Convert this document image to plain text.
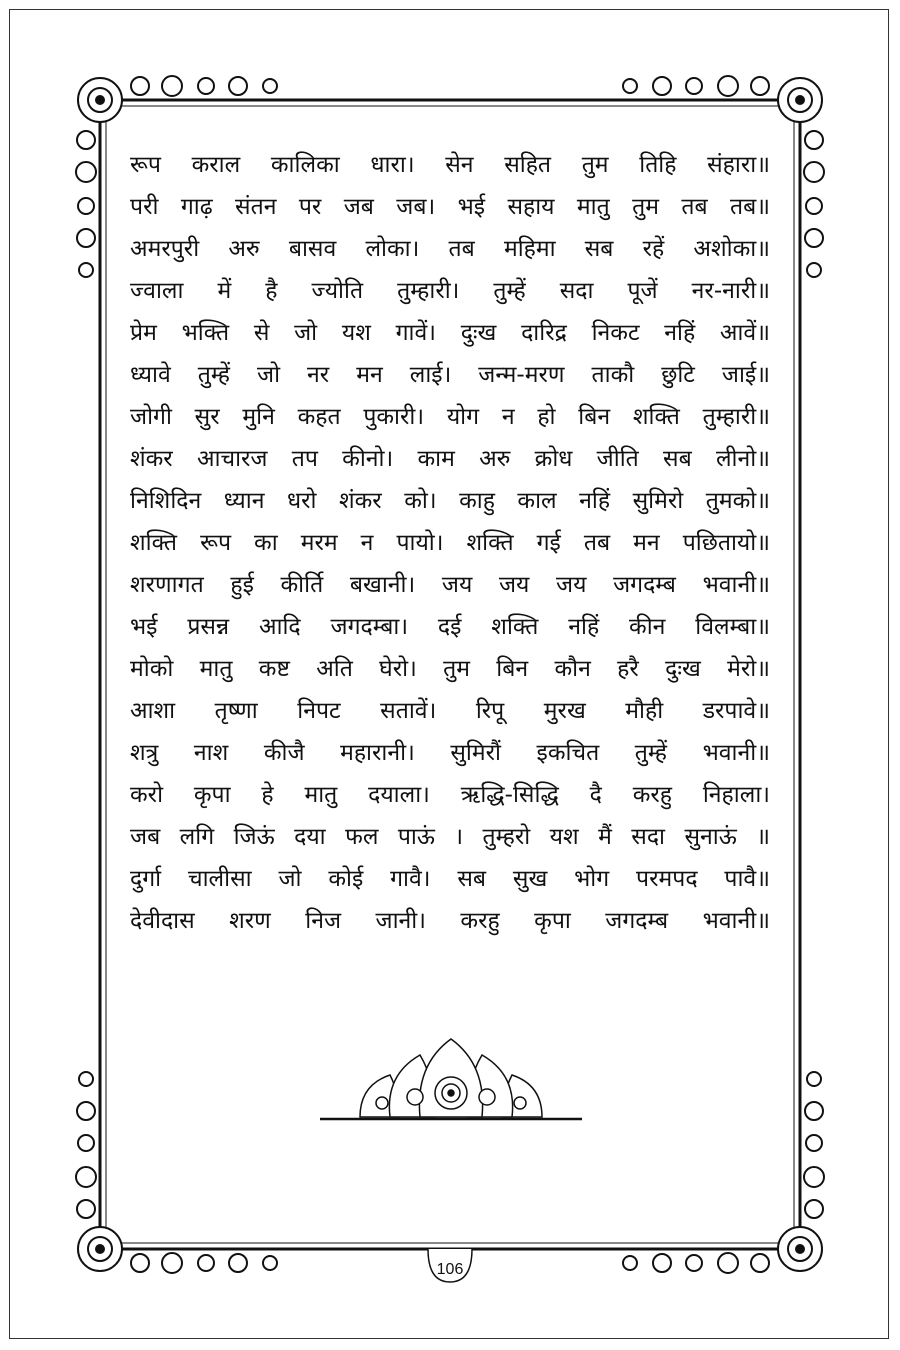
रूप कराल कालिका धारा। सेन सहित तुम तिहि संहारा॥
परी गाढ़ संतन पर जब जब। भई सहाय मातु तुम तब तब॥
अमरपुरी अरु बासव लोका। तब महिमा सब रहें अशोका॥
ज्वाला में है ज्योति तुम्हारी। तुम्हें सदा पूजें नर-नारी॥
प्रेम भक्ति से जो यश गावें। दुःख दारिद्र निकट नहिं आवें॥
ध्यावे तुम्हें जो नर मन लाई। जन्म-मरण ताकौ छुटि जाई॥
जोगी सुर मुनि कहत पुकारी। योग न हो बिन शक्ति तुम्हारी॥
शंकर आचारज तप कीनो। काम अरु क्रोध जीति सब लीनो॥
निशिदिन ध्यान धरो शंकर को। काहु काल नहिं सुमिरो तुमको॥
शक्ति रूप का मरम न पायो। शक्ति गई तब मन पछितायो॥
शरणागत हुई कीर्ति बखानी। जय जय जय जगदम्ब भवानी॥
भई प्रसन्न आदि जगदम्बा। दई शक्ति नहिं कीन विलम्बा॥
मोको मातु कष्ट अति घेरो। तुम बिन कौन हरै दुःख मेरो॥
आशा तृष्णा निपट सतावें। रिपू मुरख मौही डरपावे॥
शत्रु नाश कीजै महारानी। सुमिरौं इकचित तुम्हें भवानी॥
करो कृपा हे मातु दयाला। ऋद्धि-सिद्धि दै करहु निहाला।
जब लगि जिऊं दया फल पाऊं । तुम्हरो यश मैं सदा सुनाऊं ॥
दुर्गा चालीसा जो कोई गावै। सब सुख भोग परमपद पावै॥
देवीदास शरण निज जानी। करहु कृपा जगदम्ब भवानी॥
106
